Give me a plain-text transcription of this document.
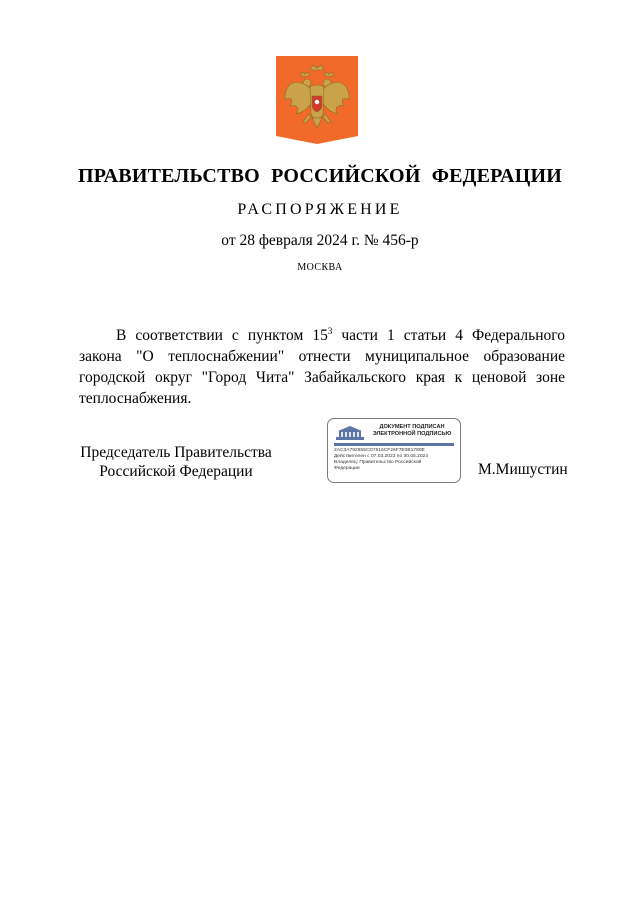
ПРАВИТЕЛЬСТВО РОССИЙСКОЙ ФЕДЕРАЦИИ
РАСПОРЯЖЕНИЕ
от 28 февраля 2024 г. № 456-р
МОСКВА
В соответствии с пунктом $15^3$ части 1 статьи 4 Федерального
закона "О теплоснабжении" отнести муниципальное образование
городской округ "Город Чита" Забайкальского края к ценовой зоне
теплоснабжения.
Председатель Правительства
Российской Федерации
ДОКУМЕНТ ПОДПИСАН
ЭЛЕКТРОННОЙ ПОДПИСЬЮ
2AC3A792955CD7616CF26F7E0B1780E
Действителен с 07.03.2023 по 30.05.2024
Владелец: Правительство Российской
Федерации	М.Мишустин
